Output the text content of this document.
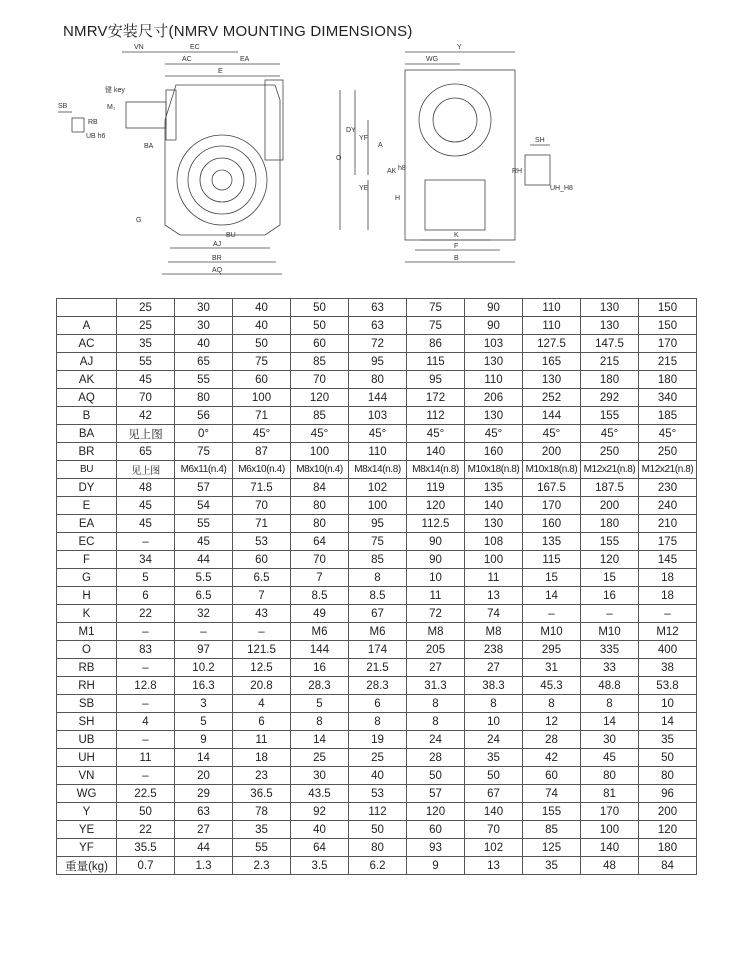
NMRV安装尺寸(NMRV MOUNTING DIMENSIONS)
VN	EC
AC	EA
E
键 key
M₁
SB
RB
UB h6
BA
G
BU
AJ
BR
AQ
Y
WG
O
DY
YF
A
AK h8
YE
H
K
F
B
SH
RH
UH_H8
	25	30	40	50	63	75	90	110	130	150
A	25	30	40	50	63	75	90	110	130	150
AC	35	40	50	60	72	86	103	127.5	147.5	170
AJ	55	65	75	85	95	115	130	165	215	215
AK	45	55	60	70	80	95	110	130	180	180
AQ	70	80	100	120	144	172	206	252	292	340
B	42	56	71	85	103	112	130	144	155	185
BA	见上图	0°	45°	45°	45°	45°	45°	45°	45°	45°
BR	65	75	87	100	110	140	160	200	250	250
BU	见上图	M6x11(n.4)	M6x10(n.4)	M8x10(n.4)	M8x14(n.8)	M8x14(n.8)	M10x18(n.8)	M10x18(n.8)	M12x21(n.8)	M12x21(n.8)
DY	48	57	71.5	84	102	119	135	167.5	187.5	230
E	45	54	70	80	100	120	140	170	200	240
EA	45	55	71	80	95	112.5	130	160	180	210
EC	–	45	53	64	75	90	108	135	155	175
F	34	44	60	70	85	90	100	115	120	145
G	5	5.5	6.5	7	8	10	11	15	15	18
H	6	6.5	7	8.5	8.5	11	13	14	16	18
K	22	32	43	49	67	72	74	–	–	–
M1	–	–	–	M6	M6	M8	M8	M10	M10	M12
O	83	97	121.5	144	174	205	238	295	335	400
RB	–	10.2	12.5	16	21.5	27	27	31	33	38
RH	12.8	16.3	20.8	28.3	28.3	31.3	38.3	45.3	48.8	53.8
SB	–	3	4	5	6	8	8	8	8	10
SH	4	5	6	8	8	8	10	12	14	14
UB	–	9	11	14	19	24	24	28	30	35
UH	11	14	18	25	25	28	35	42	45	50
VN	–	20	23	30	40	50	50	60	80	80
WG	22.5	29	36.5	43.5	53	57	67	74	81	96
Y	50	63	78	92	112	120	140	155	170	200
YE	22	27	35	40	50	60	70	85	100	120
YF	35.5	44	55	64	80	93	102	125	140	180
重量(kg)	0.7	1.3	2.3	3.5	6.2	9	13	35	48	84
